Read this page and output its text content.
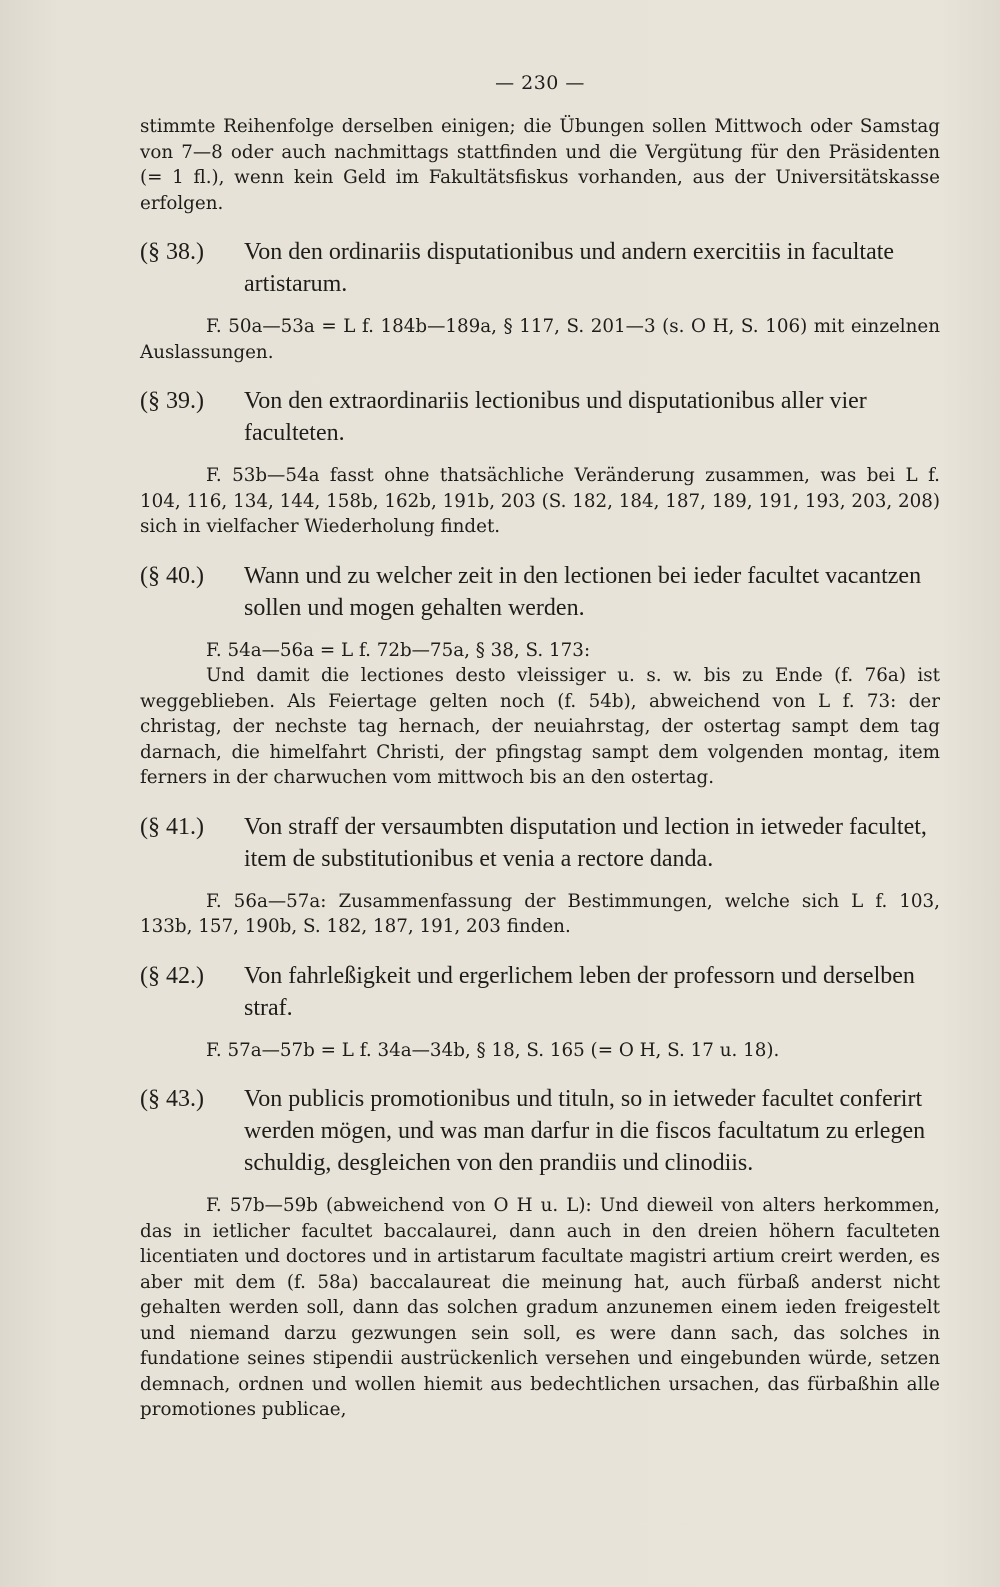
— 230 —

stimmte Reihenfolge derselben einigen; die Übungen sollen Mittwoch oder Samstag von 7—8 oder auch nachmittags stattfinden und die Vergütung für den Präsidenten (= 1 fl.), wenn kein Geld im Fakultätsfiskus vorhanden, aus der Universitätskasse erfolgen.

(§ 38.)	Von den ordinariis disputationibus und andern exercitiis in facultate artistarum.

F. 50a—53a = L f. 184b—189a, § 117, S. 201—3 (s. O H, S. 106) mit einzelnen Auslassungen.

(§ 39.)	Von den extraordinariis lectionibus und disputationibus aller vier faculteten.

F. 53b—54a fasst ohne thatsächliche Veränderung zusammen, was bei L f. 104, 116, 134, 144, 158b, 162b, 191b, 203 (S. 182, 184, 187, 189, 191, 193, 203, 208) sich in vielfacher Wiederholung findet.

(§ 40.)	Wann und zu welcher zeit in den lectionen bei ieder facultet vacantzen sollen und mogen gehalten werden.

F. 54a—56a = L f. 72b—75a, § 38, S. 173:

Und damit die lectiones desto vleissiger u. s. w. bis zu Ende (f. 76a) ist weggeblieben. Als Feiertage gelten noch (f. 54b), abweichend von L f. 73: der christag, der nechste tag hernach, der neuiahrstag, der ostertag sampt dem tag darnach, die himelfahrt Christi, der pfingstag sampt dem volgenden montag, item ferners in der charwuchen vom mittwoch bis an den ostertag.

(§ 41.)	Von straff der versaumbten disputation und lection in ietweder facultet, item de substitutionibus et venia a rectore danda.

F. 56a—57a: Zusammenfassung der Bestimmungen, welche sich L f. 103, 133b, 157, 190b, S. 182, 187, 191, 203 finden.

(§ 42.)	Von fahrleßigkeit und ergerlichem leben der professorn und derselben straf.

F. 57a—57b = L f. 34a—34b, § 18, S. 165 (= O H, S. 17 u. 18).

(§ 43.)	Von publicis promotionibus und tituln, so in ietweder facultet conferirt werden mögen, und was man darfur in die fiscos facultatum zu erlegen schuldig, desgleichen von den prandiis und clinodiis.

F. 57b—59b (abweichend von O H u. L): Und dieweil von alters herkommen, das in ietlicher facultet baccalaurei, dann auch in den dreien höhern faculteten licentiaten und doctores und in artistarum facultate magistri artium creirt werden, es aber mit dem (f. 58a) baccalaureat die meinung hat, auch fürbaß anderst nicht gehalten werden soll, dann das solchen gradum anzunemen einem ieden freigestelt und niemand darzu gezwungen sein soll, es were dann sach, das solches in fundatione seines stipendii austrückenlich versehen und eingebunden würde, setzen demnach, ordnen und wollen hiemit aus bedechtlichen ursachen, das fürbaßhin alle promotiones publicae,
